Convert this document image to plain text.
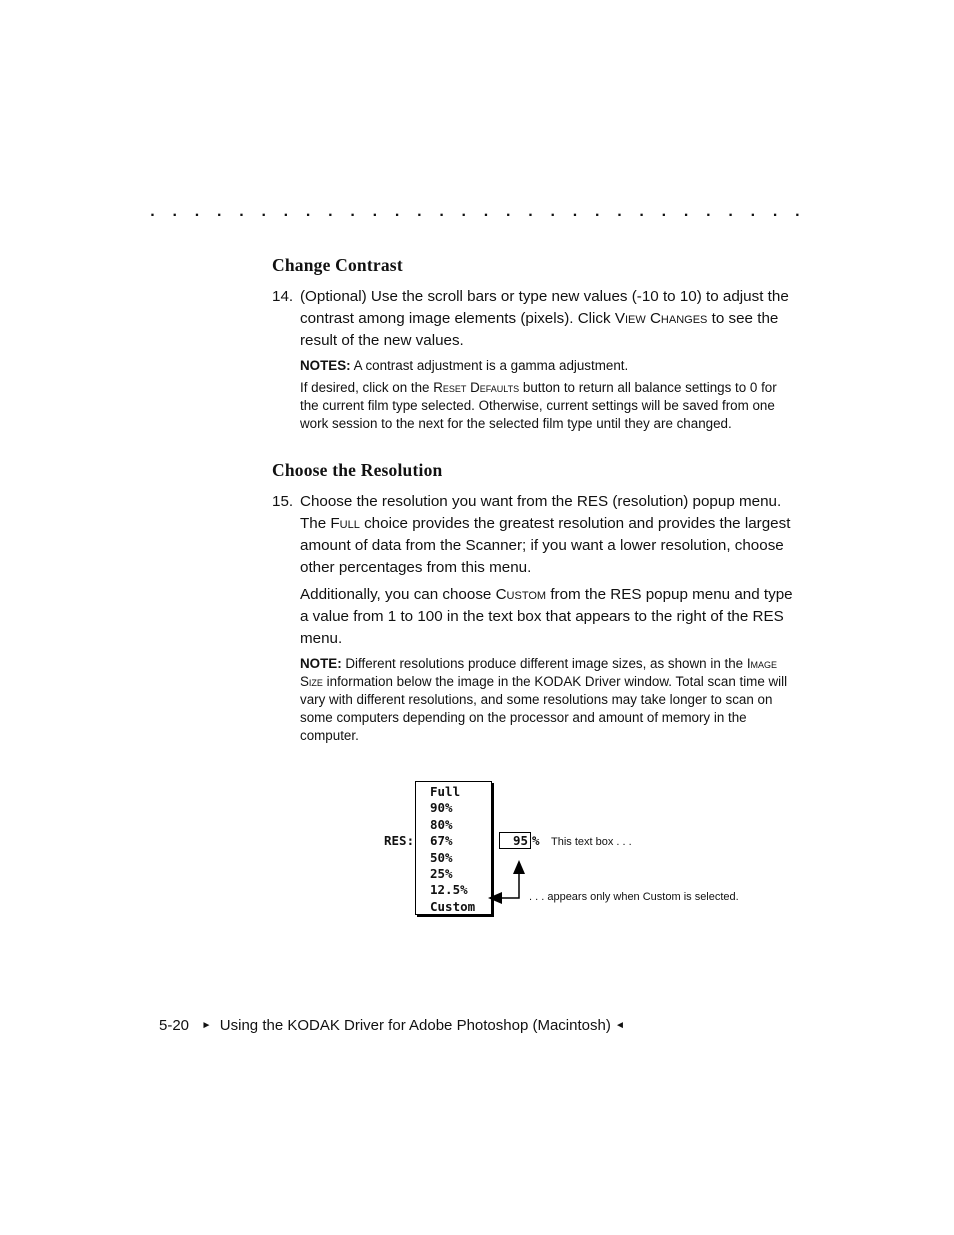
. . . . . . . . . . . . . . . . . . . . . . . . . . . . . .
Change Contrast
14. (Optional) Use the scroll bars or type new values (-10 to 10) to adjust the contrast among image elements (pixels). Click View Changes to see the result of the new values.
NOTES: A contrast adjustment is a gamma adjustment.
If desired, click on the Reset Defaults button to return all balance settings to 0 for the current film type selected. Otherwise, current settings will be saved from one work session to the next for the selected film type until they are changed.
Choose the Resolution
15. Choose the resolution you want from the RES (resolution) popup menu. The Full choice provides the greatest resolution and provides the largest amount of data from the Scanner; if you want a lower resolution, choose other percentages from this menu.
Additionally, you can choose Custom from the RES popup menu and type a value from 1 to 100 in the text box that appears to the right of the RES menu.
NOTE: Different resolutions produce different image sizes, as shown in the Image Size information below the image in the KODAK Driver window. Total scan time will vary with different resolutions, and some resolutions may take longer to scan on some computers depending on the processor and amount of memory in the computer.
RES:
Full
90%
80%
67%
50%
25%
12.5%
Custom
95 % This text box . . .
. . . appears only when Custom is selected.
5-20 ► Using the KODAK Driver for Adobe Photoshop (Macintosh) ◄
